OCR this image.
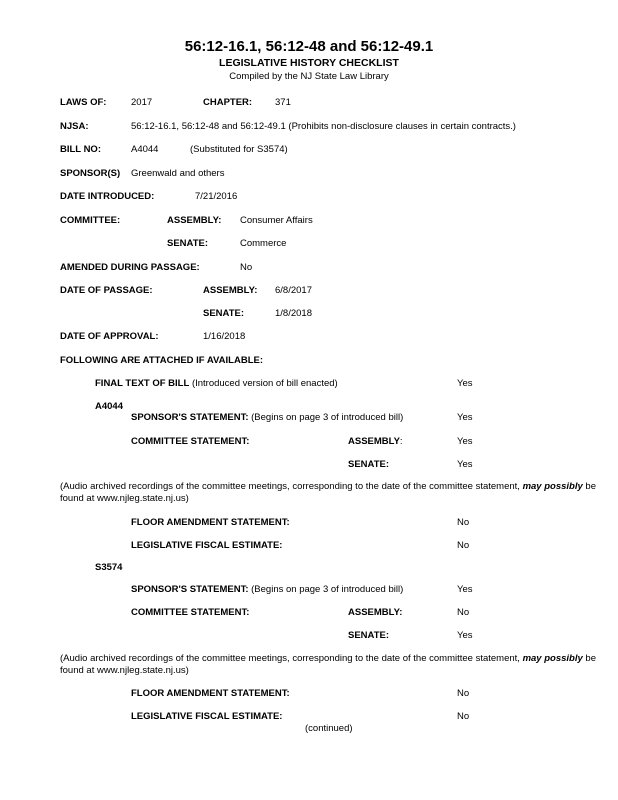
56:12-16.1, 56:12-48 and 56:12-49.1
LEGISLATIVE HISTORY CHECKLIST
Compiled by the NJ State Law Library
LAWS OF:	2017	CHAPTER: 371
NJSA:	56:12-16.1, 56:12-48 and 56:12-49.1 (Prohibits non-disclosure clauses in certain contracts.)
BILL NO:	A4044	(Substituted for S3574)
SPONSOR(S) Greenwald and others
DATE INTRODUCED:	7/21/2016
COMMITTEE:	ASSEMBLY: Consumer Affairs
SENATE:	Commerce
AMENDED DURING PASSAGE:	No
DATE OF PASSAGE:	ASSEMBLY: 6/8/2017
SENATE:	1/8/2018
DATE OF APPROVAL:	1/16/2018
FOLLOWING ARE ATTACHED IF AVAILABLE:
FINAL TEXT OF BILL (Introduced version of bill enacted)	Yes
A4044
SPONSOR'S STATEMENT: (Begins on page 3 of introduced bill)	Yes
COMMITTEE STATEMENT:	ASSEMBLY:	Yes
SENATE:	Yes
(Audio archived recordings of the committee meetings, corresponding to the date of the committee statement, may possibly be found at www.njleg.state.nj.us)
FLOOR AMENDMENT STATEMENT:	No
LEGISLATIVE FISCAL ESTIMATE:	No
S3574
SPONSOR'S STATEMENT: (Begins on page 3 of introduced bill)	Yes
COMMITTEE STATEMENT:	ASSEMBLY:	No
SENATE:	Yes
(Audio archived recordings of the committee meetings, corresponding to the date of the committee statement, may possibly be found at www.njleg.state.nj.us)
FLOOR AMENDMENT STATEMENT:	No
LEGISLATIVE FISCAL ESTIMATE:	No
(continued)
